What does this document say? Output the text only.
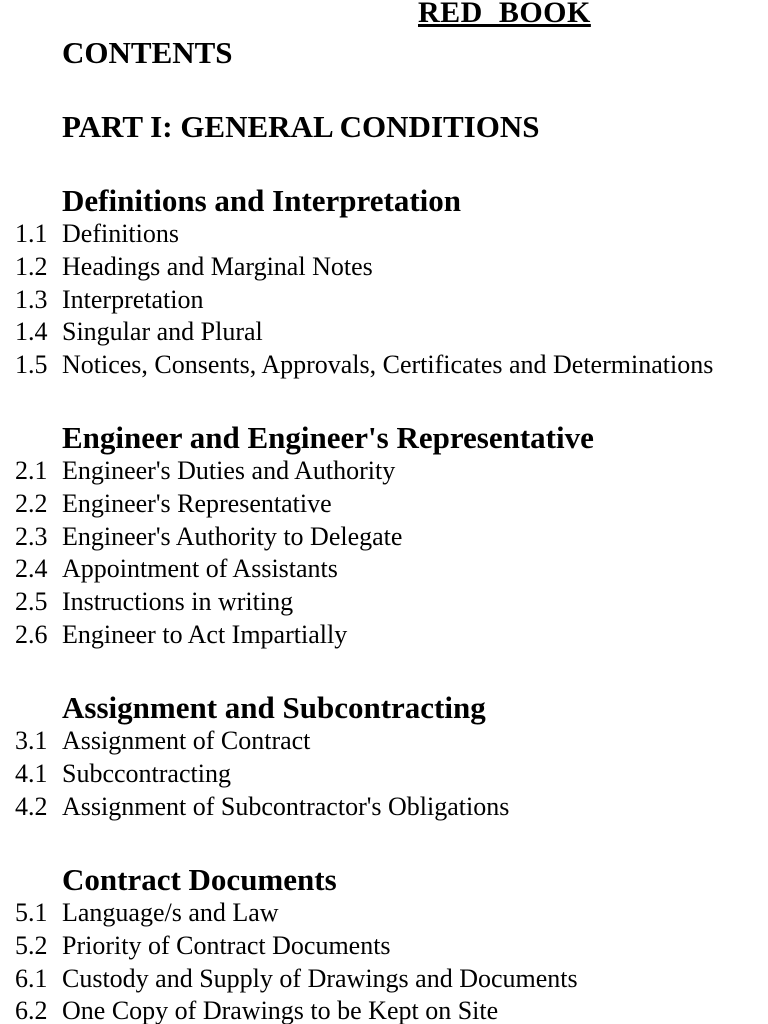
RED  BOOK
CONTENTS
PART I: GENERAL CONDITIONS
Definitions and Interpretation
1.1 Definitions
1.2 Headings and Marginal Notes
1.3 Interpretation
1.4 Singular and Plural
1.5 Notices, Consents, Approvals, Certificates and Determinations
Engineer and Engineer's Representative
2.1 Engineer's Duties and Authority
2.2 Engineer's Representative
2.3 Engineer's Authority to Delegate
2.4 Appointment of Assistants
2.5 Instructions in writing
2.6 Engineer to Act Impartially
Assignment and Subcontracting
3.1 Assignment of Contract
4.1 Subccontracting
4.2 Assignment of Subcontractor's Obligations
Contract Documents
5.1 Language/s and Law
5.2 Priority of Contract Documents
6.1 Custody and Supply of Drawings and Documents
6.2 One Copy of Drawings to be Kept on Site
